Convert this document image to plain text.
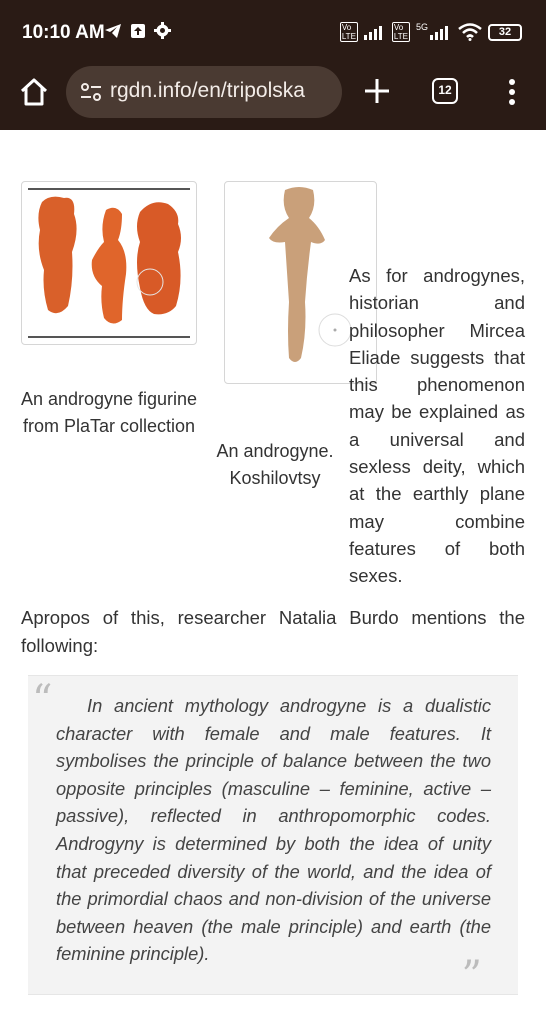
10:10 AM	Vo
LTE
Vo
LTE
5G	32
rgdn.info/en/tripolska	12
An androgyne figurine from PlaTar collection
An androgyne. Koshilovtsy

As for androgynes, historian and philosopher Mircea Eliade suggests that this phenomenon may be explained as a universal and sexless deity, which at the earthly plane may combine features of both sexes.

Apropos of this, researcher Natalia Burdo mentions the following:

“	In ancient mythology androgyne is a dualistic character with female and male features. It symbolises the principle of balance between the two opposite principles (masculine – feminine, active – passive), reflected in anthropomorphic codes. Androgyny is determined by both the idea of unity that preceded diversity of the world, and the idea of the primordial chaos and non-division of the universe between heaven (the male principle) and earth (the feminine principle).	”
